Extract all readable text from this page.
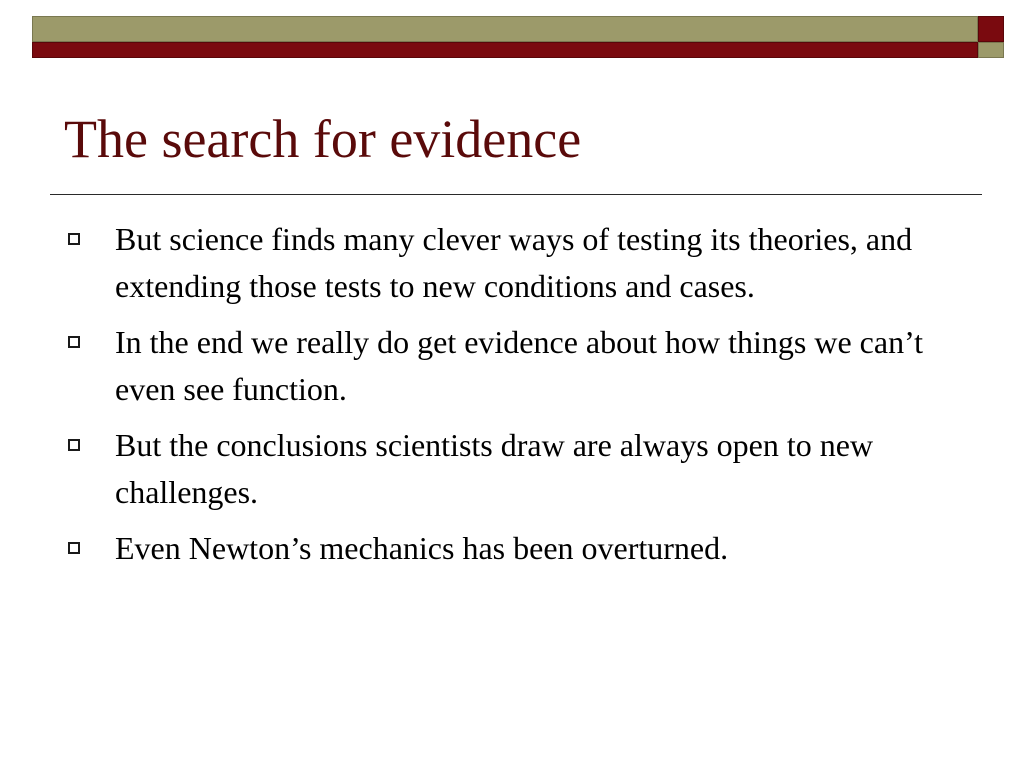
The search for evidence
But science finds many clever ways of testing its theories, and extending those tests to new conditions and cases.
In the end we really do get evidence about how things we can’t even see function.
But the conclusions scientists draw are always open to new challenges.
Even Newton’s mechanics has been overturned.
